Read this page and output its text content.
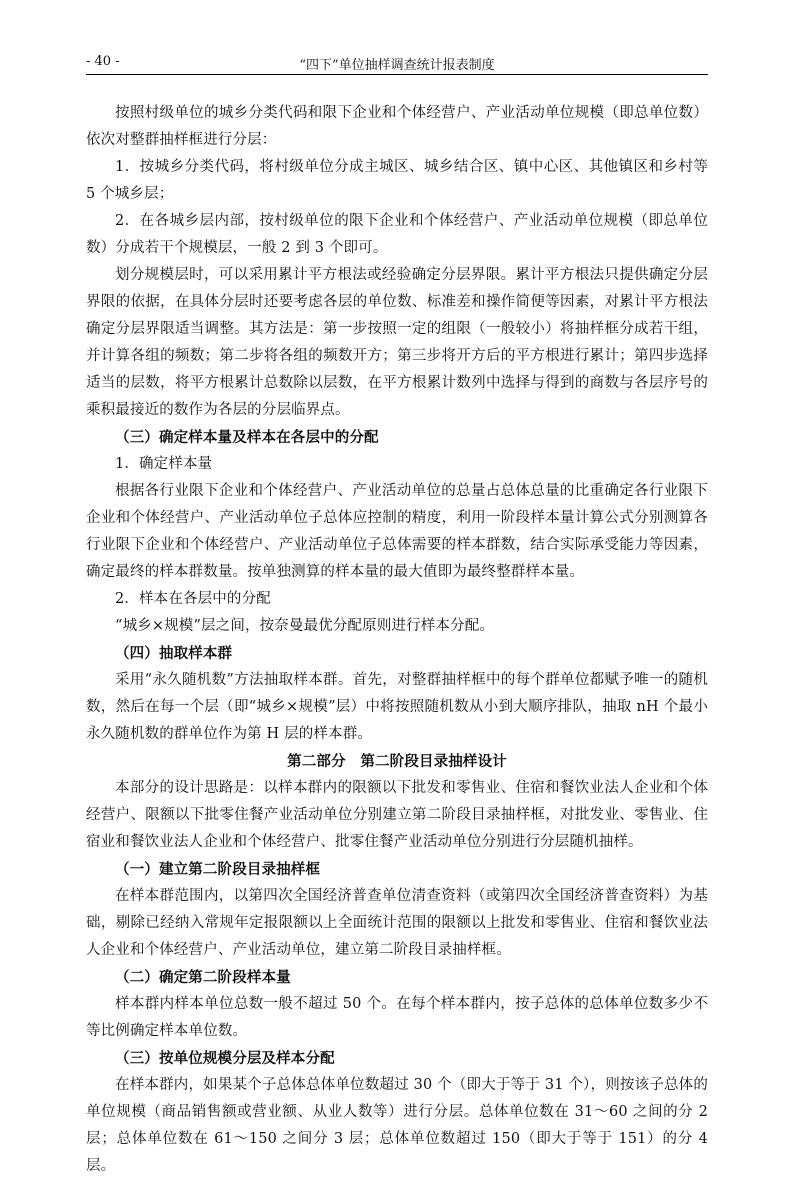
- 40 -	“四下”单位抽样调查统计报表制度

按照村级单位的城乡分类代码和限下企业和个体经营户、产业活动单位规模（即总单位数）依次对整群抽样框进行分层：

1．按城乡分类代码，将村级单位分成主城区、城乡结合区、镇中心区、其他镇区和乡村等 5 个城乡层；

2．在各城乡层内部，按村级单位的限下企业和个体经营户、产业活动单位规模（即总单位数）分成若干个规模层，一般 2 到 3 个即可。

划分规模层时，可以采用累计平方根法或经验确定分层界限。累计平方根法只提供确定分层界限的依据，在具体分层时还要考虑各层的单位数、标准差和操作简便等因素，对累计平方根法确定分层界限适当调整。其方法是：第一步按照一定的组限（一般较小）将抽样框分成若干组，并计算各组的频数；第二步将各组的频数开方；第三步将开方后的平方根进行累计；第四步选择适当的层数，将平方根累计总数除以层数，在平方根累计数列中选择与得到的商数与各层序号的乘积最接近的数作为各层的分层临界点。

（三）确定样本量及样本在各层中的分配

1．确定样本量

根据各行业限下企业和个体经营户、产业活动单位的总量占总体总量的比重确定各行业限下企业和个体经营户、产业活动单位子总体应控制的精度，利用一阶段样本量计算公式分别测算各行业限下企业和个体经营户、产业活动单位子总体需要的样本群数，结合实际承受能力等因素，确定最终的样本群数量。按单独测算的样本量的最大值即为最终整群样本量。

2．样本在各层中的分配

“城乡×规模”层之间，按奈曼最优分配原则进行样本分配。

（四）抽取样本群

采用“永久随机数”方法抽取样本群。首先，对整群抽样框中的每个群单位都赋予唯一的随机数，然后在每一个层（即“城乡×规模”层）中将按照随机数从小到大顺序排队，抽取 nH 个最小永久随机数的群单位作为第 H 层的样本群。

第二部分　第二阶段目录抽样设计

本部分的设计思路是：以样本群内的限额以下批发和零售业、住宿和餐饮业法人企业和个体经营户、限额以下批零住餐产业活动单位分别建立第二阶段目录抽样框，对批发业、零售业、住宿业和餐饮业法人企业和个体经营户、批零住餐产业活动单位分别进行分层随机抽样。

（一）建立第二阶段目录抽样框

在样本群范围内，以第四次全国经济普查单位清查资料（或第四次全国经济普查资料）为基础，剔除已经纳入常规年定报限额以上全面统计范围的限额以上批发和零售业、住宿和餐饮业法人企业和个体经营户、产业活动单位，建立第二阶段目录抽样框。

（二）确定第二阶段样本量

样本群内样本单位总数一般不超过 50 个。在每个样本群内，按子总体的总体单位数多少不等比例确定样本单位数。

（三）按单位规模分层及样本分配

在样本群内，如果某个子总体总体单位数超过 30 个（即大于等于 31 个），则按该子总体的单位规模（商品销售额或营业额、从业人数等）进行分层。总体单位数在 31～60 之间的分 2 层；总体单位数在 61～150 之间分 3 层；总体单位数超过 150（即大于等于 151）的分 4 层。
